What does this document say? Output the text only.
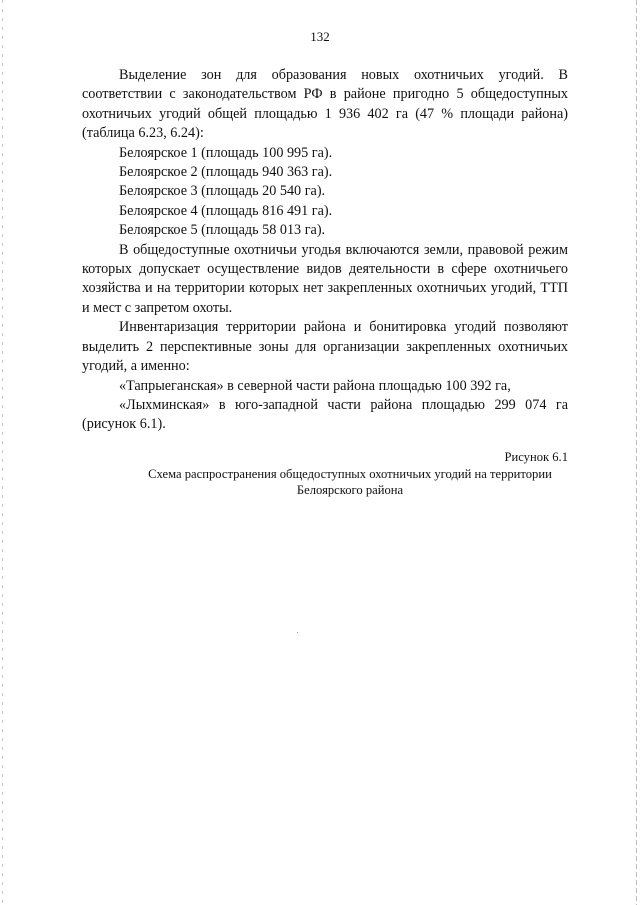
132

Выделение зон для образования новых охотничьих угодий. В соответствии с законодательством РФ в районе пригодно 5 общедоступных охотничьих угодий общей площадью 1 936 402 га (47 % площади района) (таблица 6.23, 6.24):

Белоярское 1 (площадь 100 995 га).

Белоярское 2 (площадь 940 363 га).

Белоярское 3 (площадь 20 540 га).

Белоярское 4 (площадь 816 491 га).

Белоярское 5 (площадь 58 013 га).

В общедоступные охотничьи угодья включаются земли, правовой режим которых допускает осуществление видов деятельности в сфере охотничьего хозяйства и на территории которых нет закрепленных охотничьих угодий, ТТП и мест с запретом охоты.

Инвентаризация территории района и бонитировка угодий позволяют выделить 2 перспективные зоны для организации закрепленных охотничьих угодий, а именно:

«Тапрыеганская» в северной части района площадью 100 392 га,

«Лыхминская» в юго-западной части района площадью 299 074 га (рисунок 6.1).

Рисунок 6.1
Схема распространения общедоступных охотничьих угодий на территории
Белоярского района
